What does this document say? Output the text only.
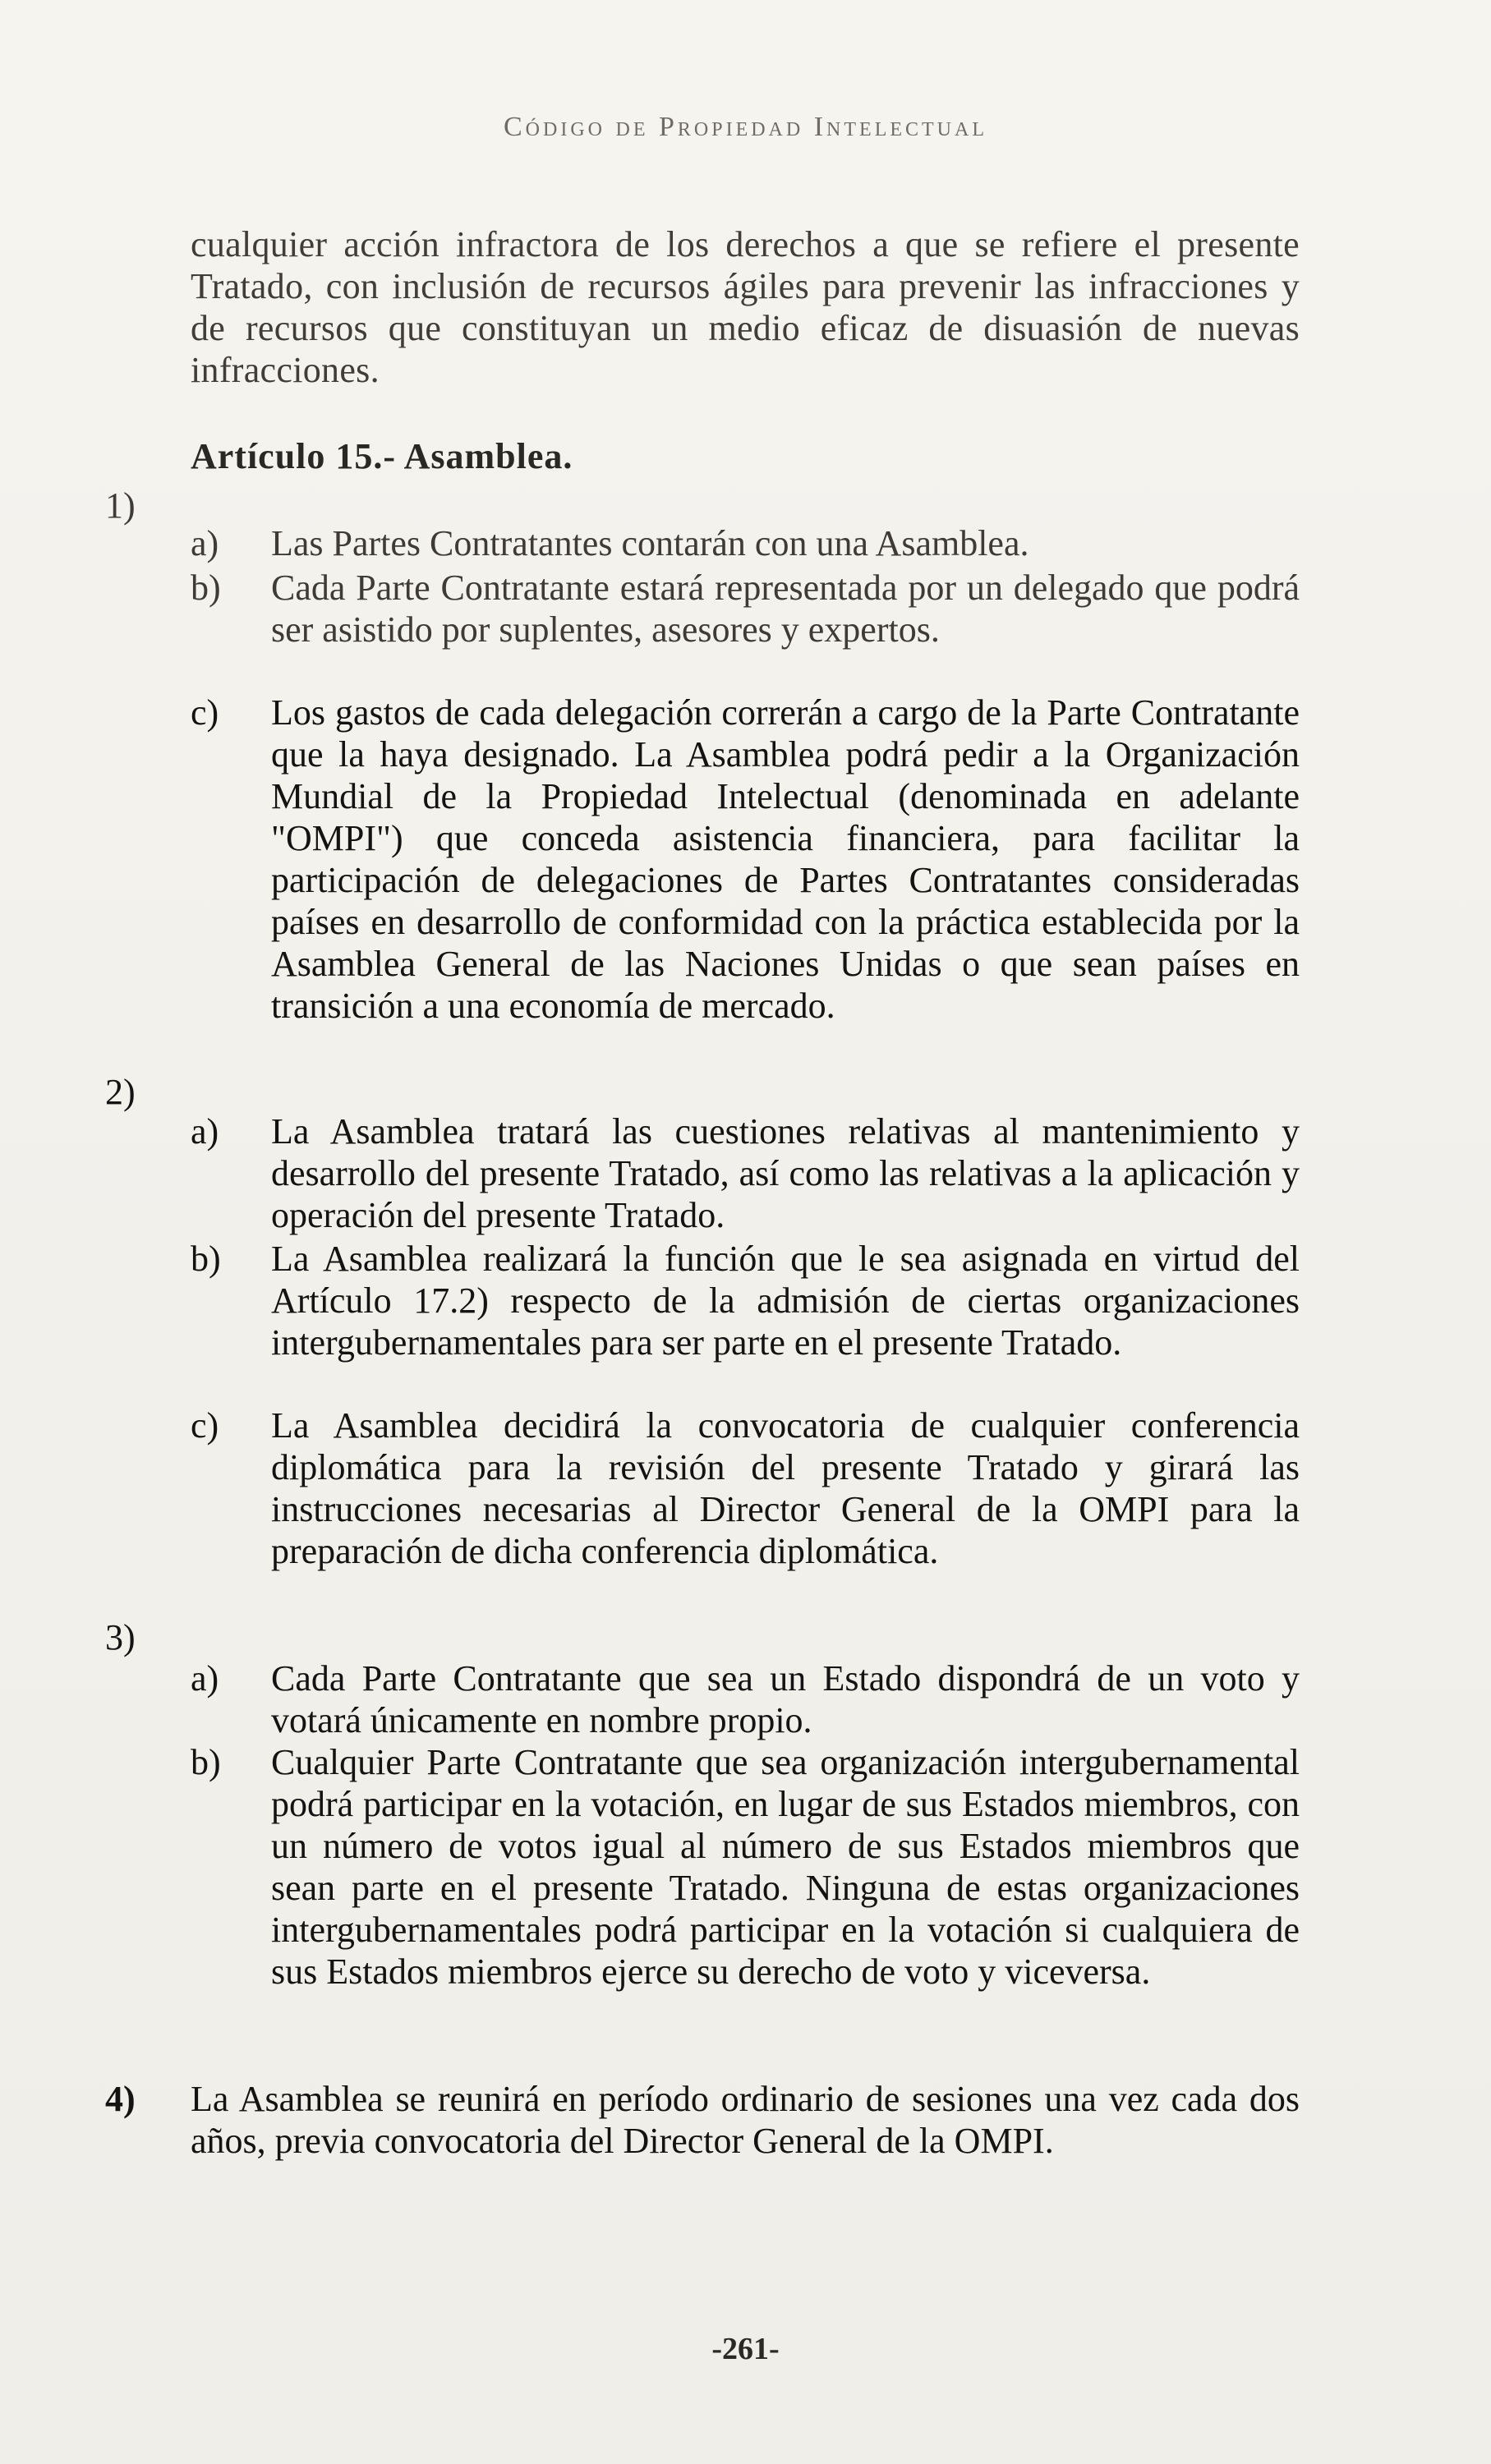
Código de Propiedad Intelectual
cualquier acción infractora de los derechos a que se refiere el presente Tratado, con inclusión de recursos ágiles para prevenir las infracciones y de recursos que constituyan un medio eficaz de disuasión de nuevas infracciones.
Artículo 15.- Asamblea.
1)
a)	Las Partes Contratantes contarán con una Asamblea.
b)	Cada Parte Contratante estará representada por un delegado que podrá ser asistido por suplentes, asesores y expertos.
c)	Los gastos de cada delegación correrán a cargo de la Parte Contratante que la haya designado. La Asamblea podrá pedir a la Organización Mundial de la Propiedad Intelectual (denominada en adelante "OMPI") que conceda asistencia financiera, para facilitar la participación de delegaciones de Partes Contratantes consideradas países en desarrollo de conformidad con la práctica establecida por la Asamblea General de las Naciones Unidas o que sean países en transición a una economía de mercado.
2)
a)	La Asamblea tratará las cuestiones relativas al mantenimiento y desarrollo del presente Tratado, así como las relativas a la aplicación y operación del presente Tratado.
b)	La Asamblea realizará la función que le sea asignada en virtud del Artículo 17.2) respecto de la admisión de ciertas organizaciones intergubernamentales para ser parte en el presente Tratado.
c)	La Asamblea decidirá la convocatoria de cualquier conferencia diplomática para la revisión del presente Tratado y girará las instrucciones necesarias al Director General de la OMPI para la preparación de dicha conferencia diplomática.
3)
a)	Cada Parte Contratante que sea un Estado dispondrá de un voto y votará únicamente en nombre propio.
b)	Cualquier Parte Contratante que sea organización intergubernamental podrá participar en la votación, en lugar de sus Estados miembros, con un número de votos igual al número de sus Estados miembros que sean parte en el presente Tratado. Ninguna de estas organizaciones intergubernamentales podrá participar en la votación si cualquiera de sus Estados miembros ejerce su derecho de voto y viceversa.
4) La Asamblea se reunirá en período ordinario de sesiones una vez cada dos años, previa convocatoria del Director General de la OMPI.
-261-
